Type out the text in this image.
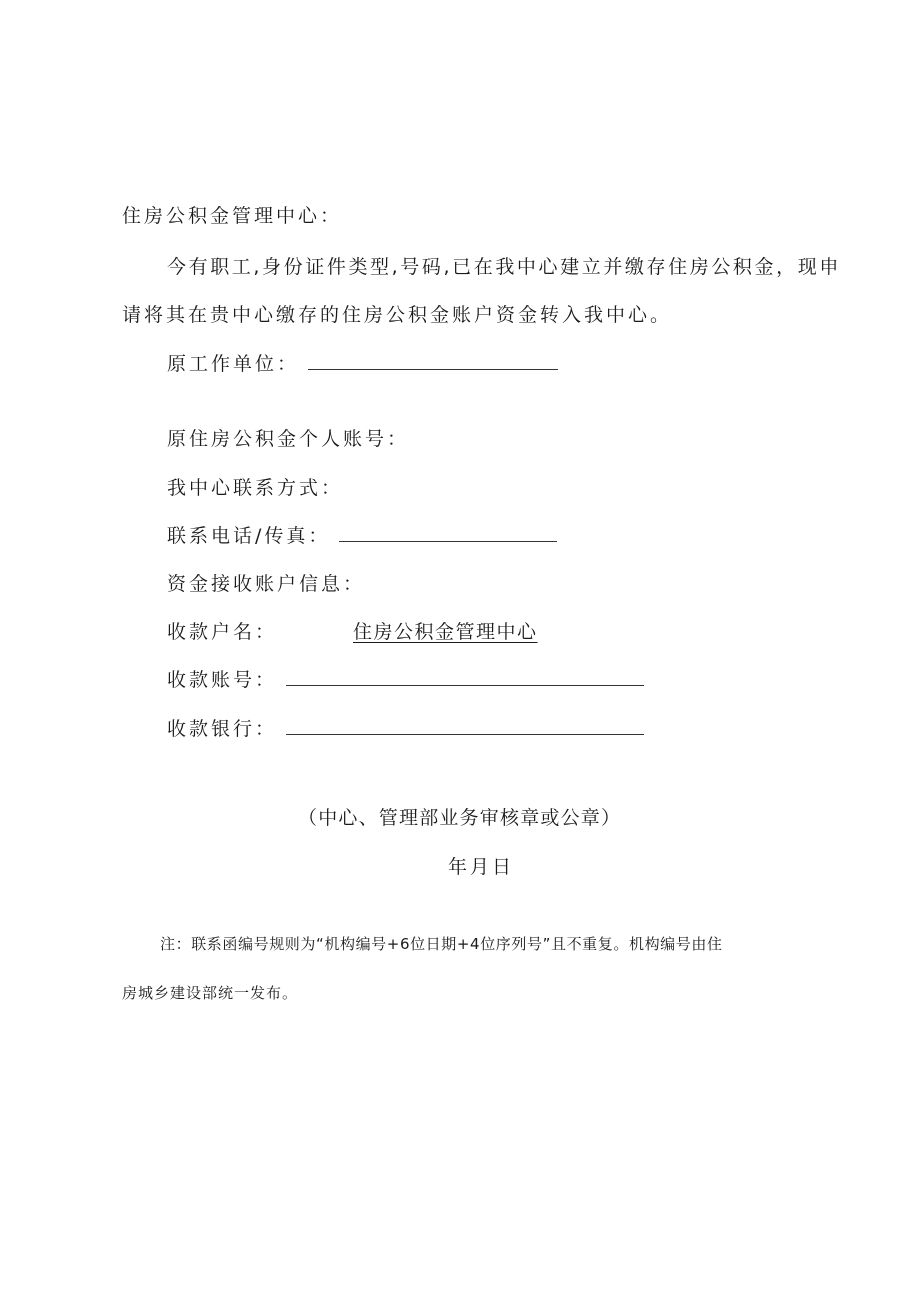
住房公积金管理中心：
今有职工,身份证件类型,号码,已在我中心建立并缴存住房公积金，现申
请将其在贵中心缴存的住房公积金账户资金转入我中心。
原工作单位：
原住房公积金个人账号：
我中心联系方式：
联系电话/传真：
资金接收账户信息：
收款户名：	住房公积金管理中心
收款账号：
收款银行：
（中心、管理部业务审核章或公章）
年月日
注：联系函编号规则为“机构编号+6位日期+4位序列号”且不重复。机构编号由住
房城乡建设部统一发布。
